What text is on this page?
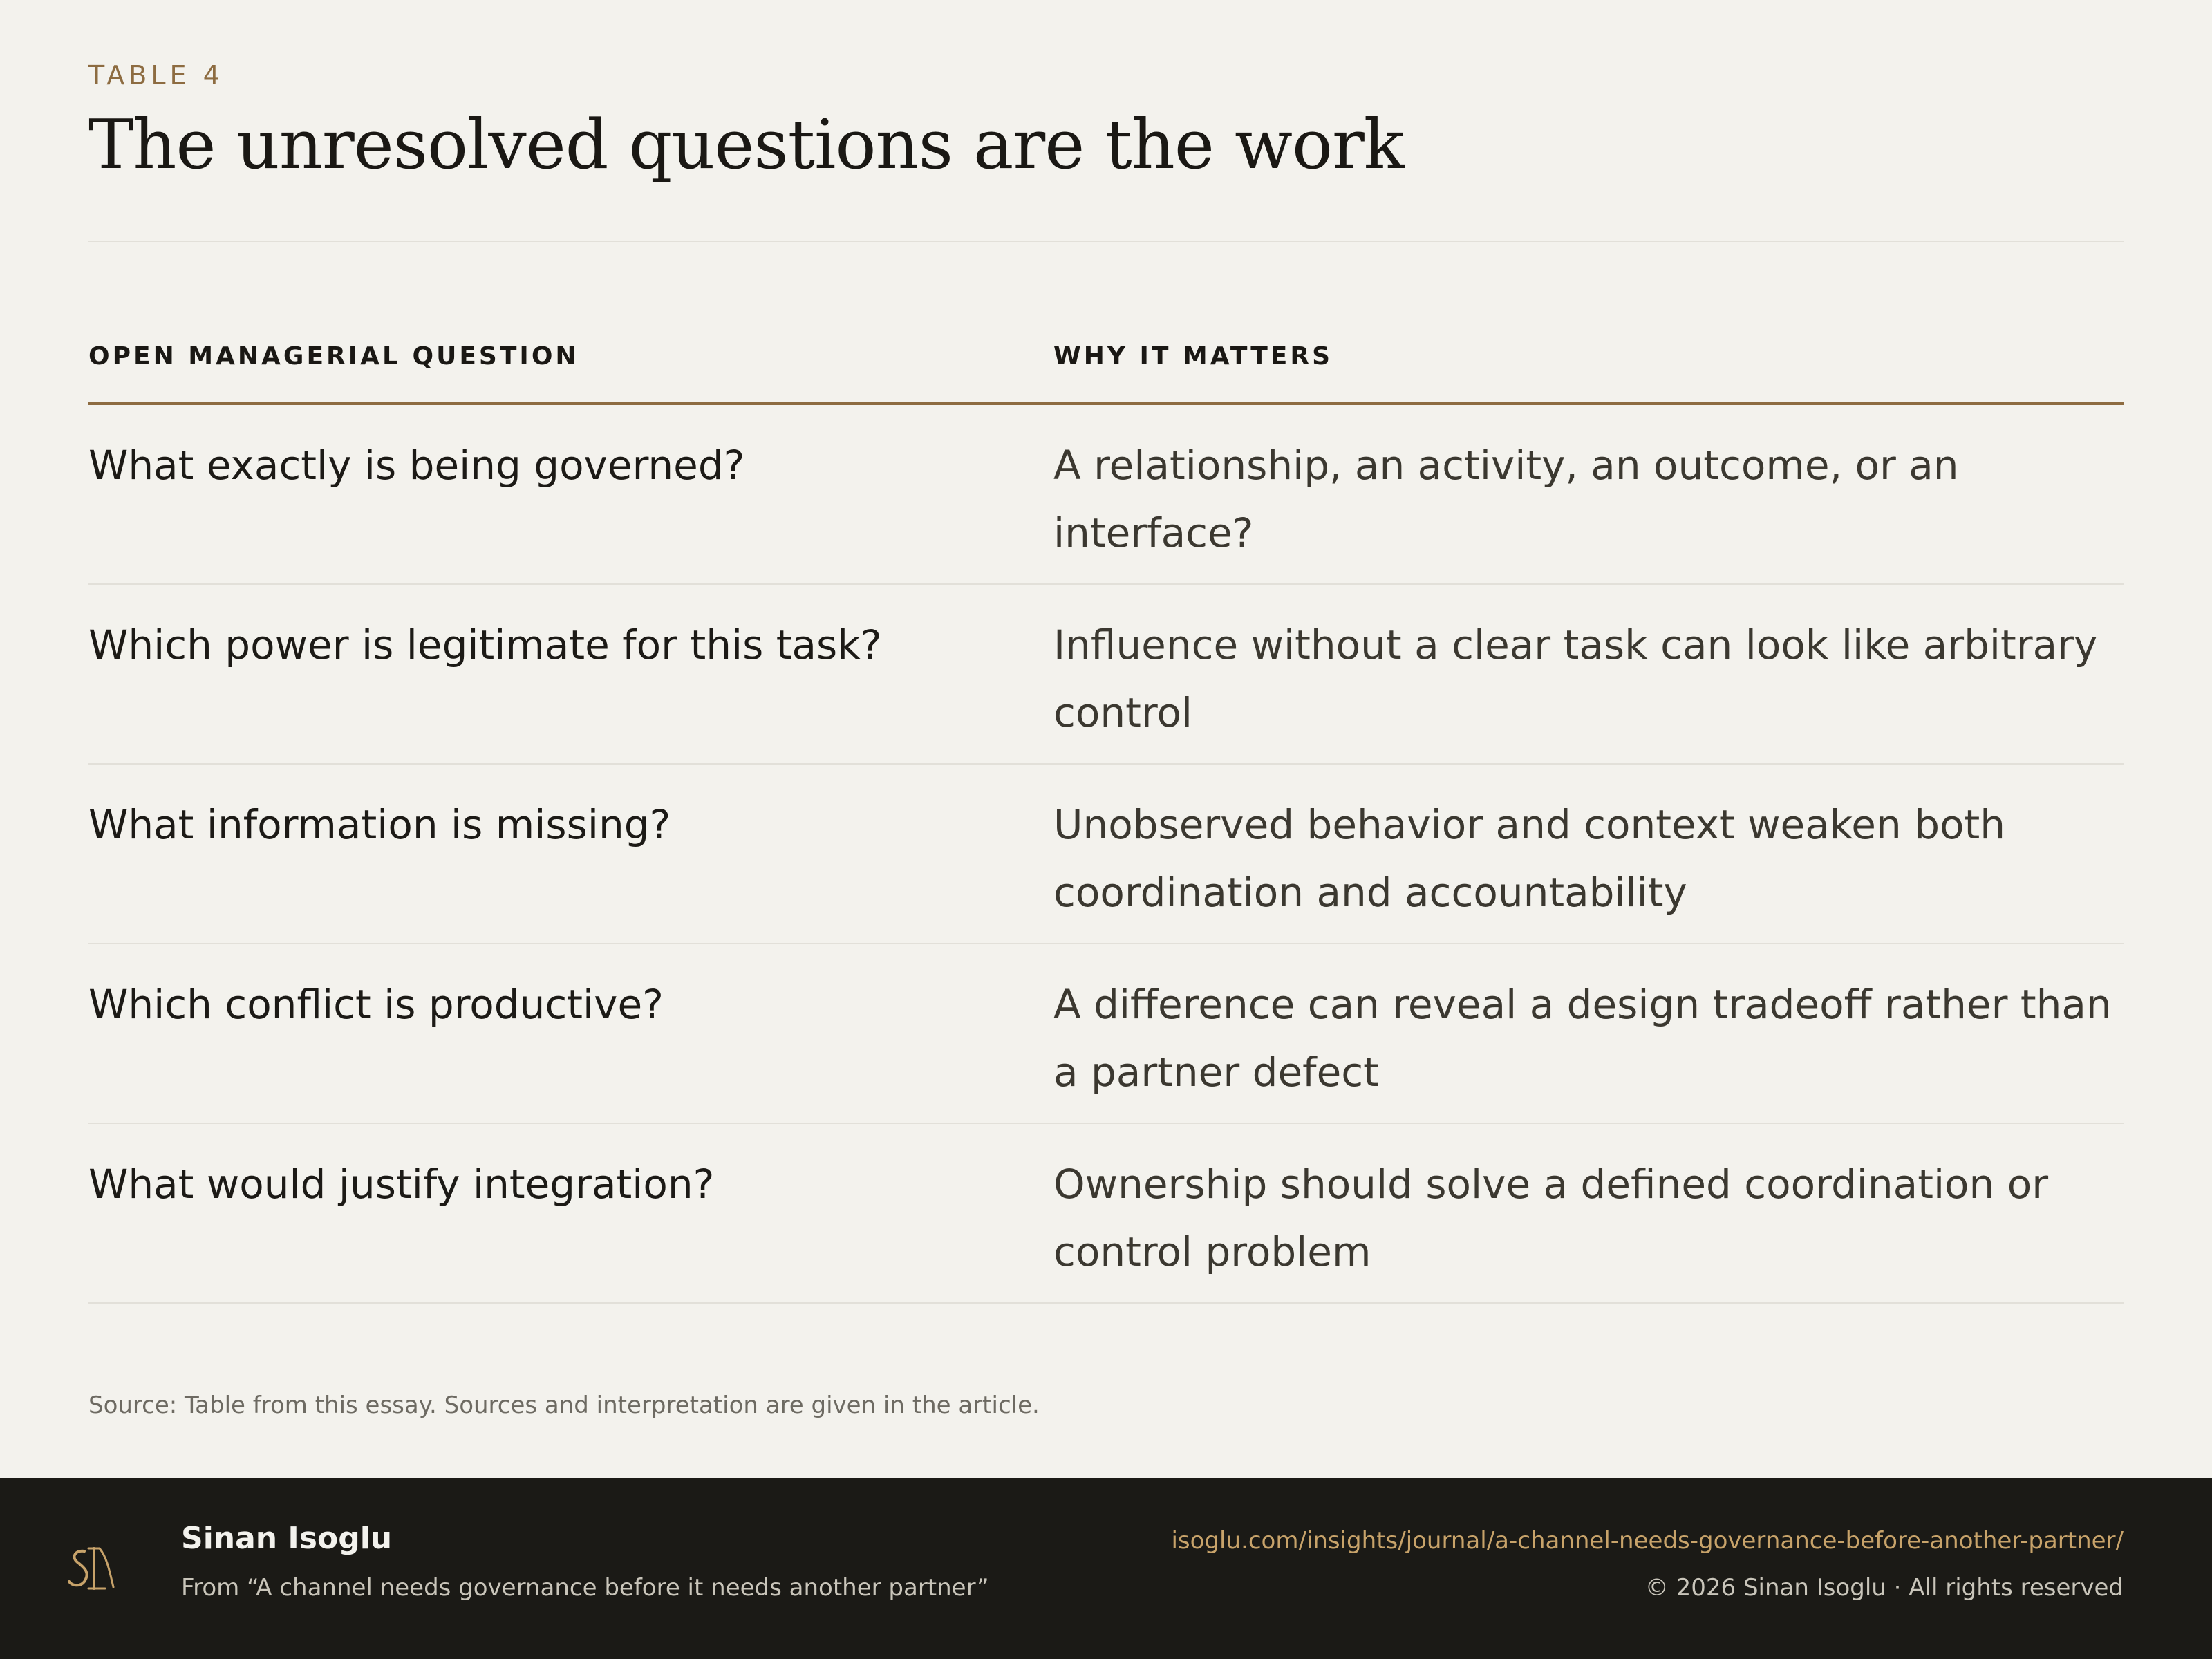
TABLE 4
The unresolved questions are the work
OPEN MANAGERIAL QUESTION	WHY IT MATTERS
What exactly is being governed?	A relationship, an activity, an outcome, or an interface?
Which power is legitimate for this task?	Influence without a clear task can look like arbitrary control
What information is missing?	Unobserved behavior and context weaken both coordination and accountability
Which conflict is productive?	A difference can reveal a design tradeoff rather than a partner defect
What would justify integration?	Ownership should solve a defined coordination or control problem
Source: Table from this essay. Sources and interpretation are given in the article.
Sinan Isoglu
From “A channel needs governance before it needs another partner”
isoglu.com/insights/journal/a-channel-needs-governance-before-another-partner/
© 2026 Sinan Isoglu · All rights reserved
